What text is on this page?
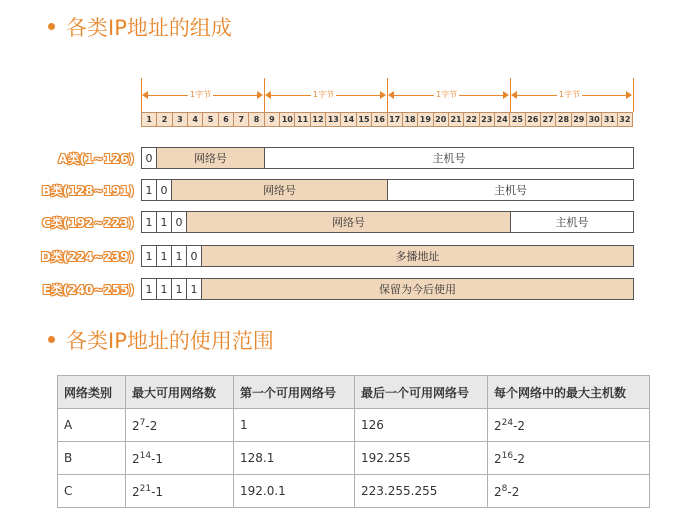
各类IP地址的组成
1字节	1字节	1字节	1字节
1	2	3	4	5	6	7	8	9 10 11 12 13 14 15 16 17 18 19 20 21 22 23 24 25 26 27 28 29 30 31 32
A类(1~126)	0	网络号	主机号
B类(128~191)	1 0	网络号	主机号
C类(192~223)	1 1 0	网络号	主机号
D类(224~239)	1 1 1 0	多播地址
E类(240~255)	1 1 1 1	保留为今后使用
各类IP地址的使用范围
网络类别	最大可用网络数	第一个可用网络号	最后一个可用网络号	每个网络中的最大主机数
A	$2^7-2$	1	126	$2^{24}-2$
B	$2^{14}-1$	128.1	192.255	$2^{16}-2$
C	$2^{21}-1$	192.0.1	223.255.255	$2^8-2$
